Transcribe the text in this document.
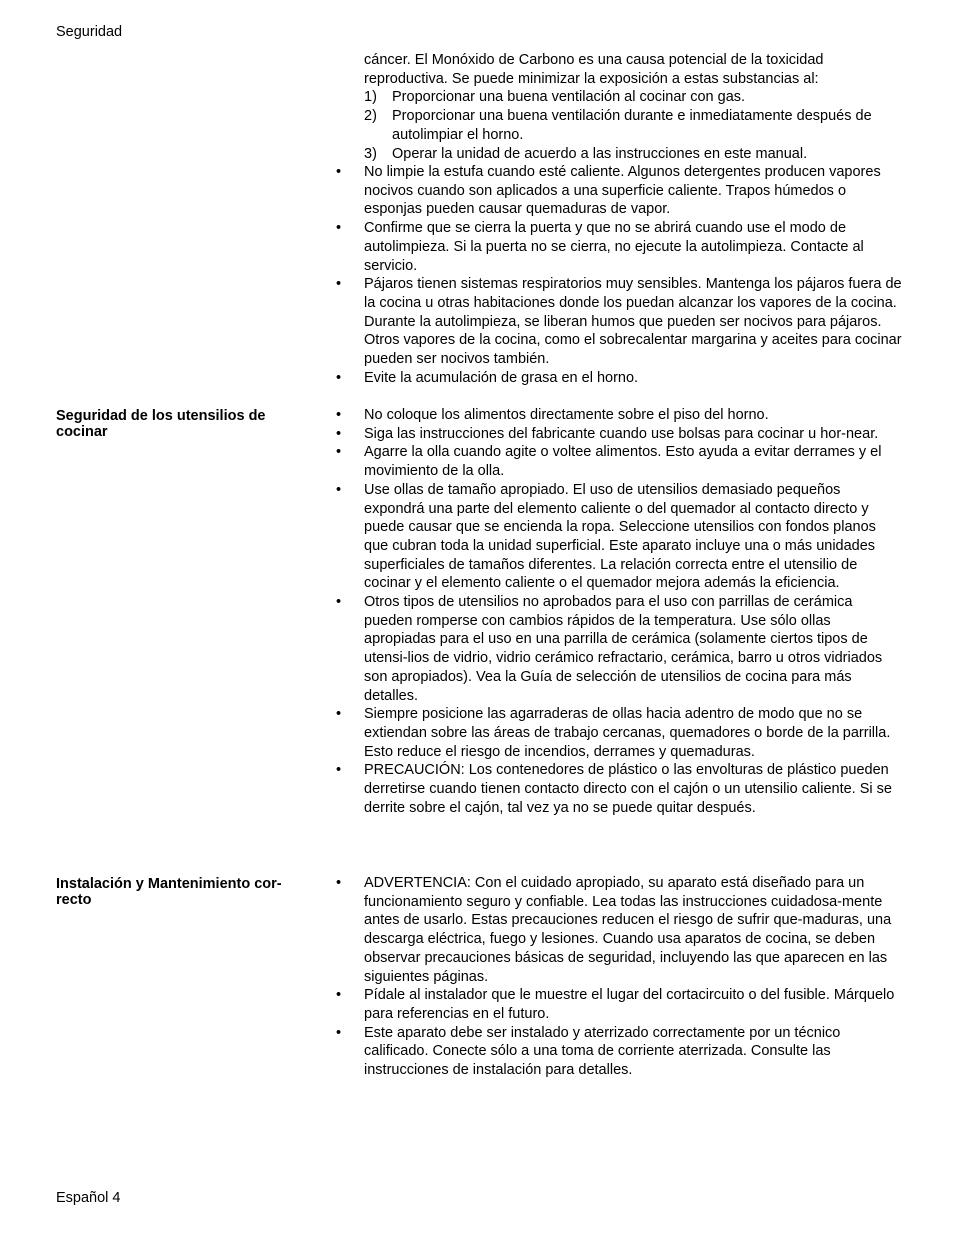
Seguridad

cáncer. El Monóxido de Carbono es una causa potencial de la toxicidad reproductiva. Se puede minimizar la exposición a estas substancias al:

1) Proporcionar una buena ventilación al cocinar con gas.
2) Proporcionar una buena ventilación durante e inmediatamente después de autolimpiar el horno.
3) Operar la unidad de acuerdo a las instrucciones en este manual.
• No limpie la estufa cuando esté caliente. Algunos detergentes producen vapores nocivos cuando son aplicados a una superficie caliente. Trapos húmedos o esponjas pueden causar quemaduras de vapor.
• Confirme que se cierra la puerta y que no se abrirá cuando use el modo de autolimpieza. Si la puerta no se cierra, no ejecute la autolimpieza. Contacte al servicio.
• Pájaros tienen sistemas respiratorios muy sensibles. Mantenga los pájaros fuera de la cocina u otras habitaciones donde los puedan alcanzar los vapores de la cocina. Durante la autolimpieza, se liberan humos que pueden ser nocivos para pájaros. Otros vapores de la cocina, como el sobrecalentar margarina y aceites para cocinar pueden ser nocivos también.
• Evite la acumulación de grasa en el horno.
Seguridad de los utensilios de cocinar
• No coloque los alimentos directamente sobre el piso del horno.
• Siga las instrucciones del fabricante cuando use bolsas para cocinar u hor-near.
• Agarre la olla cuando agite o voltee alimentos. Esto ayuda a evitar derrames y el movimiento de la olla.
• Use ollas de tamaño apropiado. El uso de utensilios demasiado pequeños expondrá una parte del elemento caliente o del quemador al contacto directo y puede causar que se encienda la ropa. Seleccione utensilios con fondos planos que cubran toda la unidad superficial. Este aparato incluye una o más unidades superficiales de tamaños diferentes. La relación correcta entre el utensilio de cocinar y el elemento caliente o el quemador mejora además la eficiencia.
• Otros tipos de utensilios no aprobados para el uso con parrillas de cerámica pueden romperse con cambios rápidos de la temperatura. Use sólo ollas apropiadas para el uso en una parrilla de cerámica (solamente ciertos tipos de utensi-lios de vidrio, vidrio cerámico refractario, cerámica, barro u otros vidriados son apropiados). Vea la Guía de selección de utensilios de cocina para más detalles.
• Siempre posicione las agarraderas de ollas hacia adentro de modo que no se extiendan sobre las áreas de trabajo cercanas, quemadores o borde de la parrilla. Esto reduce el riesgo de incendios, derrames y quemaduras.
• PRECAUCIÓN: Los contenedores de plástico o las envolturas de plástico pueden derretirse cuando tienen contacto directo con el cajón o un utensilio caliente. Si se derrite sobre el cajón, tal vez ya no se puede quitar después.
Instalación y Mantenimiento cor-recto
• ADVERTENCIA: Con el cuidado apropiado, su aparato está diseñado para un funcionamiento seguro y confiable. Lea todas las instrucciones cuidadosa-mente antes de usarlo. Estas precauciones reducen el riesgo de sufrir que-maduras, una descarga eléctrica, fuego y lesiones. Cuando usa aparatos de cocina, se deben observar precauciones básicas de seguridad, incluyendo las que aparecen en las siguientes páginas.
• Pídale al instalador que le muestre el lugar del cortacircuito o del fusible. Márquelo para referencias en el futuro.
• Este aparato debe ser instalado y aterrizado correctamente por un técnico calificado. Conecte sólo a una toma de corriente aterrizada. Consulte las instrucciones de instalación para detalles.
Español 4
